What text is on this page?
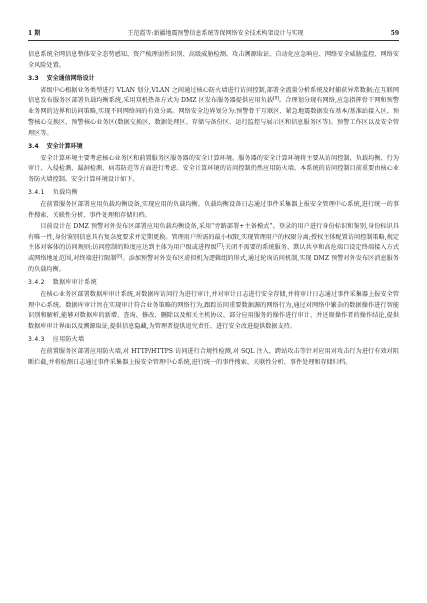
1 期	王范霞等:新疆地震预警信息系统等保网络安全技术构架设计与实现	59

信息系统全网信息整体安全态势感知、资产梳理弱性识别、高级威胁检测、攻击溯源取证、自动化应急响应、网络安全威胁监控、网络安全风险处置。

3.3 安全通信网络设计

省级中心根据业务类型进行 VLAN 划分,VLAN 之间通过核心防火墙进行访问控制,部署全流量分析系统及时捕获异常数据;在互联网信息发布服务区部署负载均衡系统,采用双机热备方式为 DMZ 区发布服务器提供应用负载[9]。合理划分现有网络,应急指挥骨干网和预警业务网的边界和访问策略,实现不同网络间的有效分离。网络安全边界划分为:预警骨干互联区、紧急地震数据发布基本/基准站接入区、预警核心交换区、预警核心业务区(数据交换区、数据处理区、存储与备份区、运行监控与展示区和信息服务区等)、预警工作区以及安全管理区等。

3.4 安全计算环境

安全计算环境主要考虑核心业务区和前置服务区服务器的安全计算环境。服务器的安全计算环境将主要从访问控制、负载均衡、行为审计、入侵检测、漏洞检测、病毒防范等方面进行考虑。安全计算环境的访问控制仍然应用防火墙。本系统的访问控制目前重要由核心业务防火墙控制。安全计算环境设计如下。

3.4.1 负载均衡

在前置服务区部署应用负载均衡设备,实现应用的负载均衡。负载均衡设备日志通过事件采集器上报安全管理中心系统,进行统一的事件搜索、关联性分析、事件处理和存储归档。

目前设计在 DMZ 预警对外发布区部署应用负载均衡设备,采用“旁路部署+主备模式”。登录的用户进行身份标识和鉴别,身份标识具有唯一性,身份鉴别信息具有复杂度要求并定期更换。管理用户所需的最小权限,实现管理用户的权限分离;授权主体配置访问控制策略,规定主体对客体的访问规则;访问控制的粒度应达到主体为用户级或进程级[7];关闭不需要的系统服务、默认共享和高危端口设定终端接入方式或网络地址范围,对终端进行限制[8]。添加预警对外发布区虚拟机为逻辑组的形式,通过轮询访问机制,实现 DMZ 预警对外发布区消息服务的负载均衡。

3.4.2 数据库审计系统

在核心业务区部署数据库审计系统,对数据库访问行为进行审计,并对审计日志进行安全存储,并将审计日志通过事件采集器上报安全管理中心系统。数据库审计旨在实现审计符合业务策略的网络行为,跟踪访问重要数据源的网络行为,通过对网络中繁杂的数据操作进行智能识别和解析,能够对数据库的新增、查询、修改、删除以及相关主机协议、部分应用服务的操作进行审计、并还原操作者的操作结论,提供数据库审计界面以及溯源取证,提供信息隐藏,为管理者提供追究责任、进行安全改进提供数据支持。

3.4.3 应用防火墙

在前置服务区部署应用防火墙,对 HTTP/HTTPS 访问进行合规性检测,对 SQL 注入、跨站攻击等针对应用对攻击行为进行有效对阻断拦截,并将检测日志通过事件采集器上报安全管理中心系统,进行统一的事件搜索、关联性分析、事件处理和存储归档。
